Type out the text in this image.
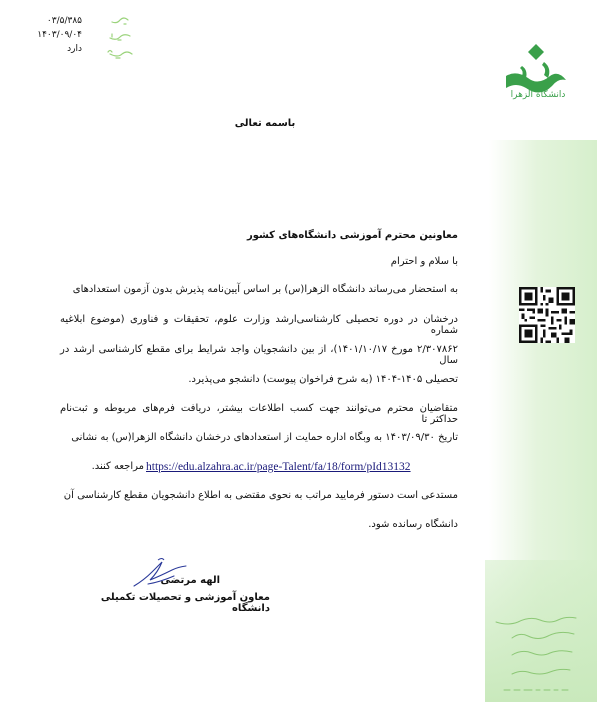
۰۳/۵/۳۸۵
۱۴۰۳/۰۹/۰۴
دارد
دانشگاه الزهرا
باسمه تعالی
معاونین محترم آموزشی دانشگاه‌های کشور
با سلام و احترام
به استحضار می‌رساند دانشگاه الزهرا(س) بر اساس آیین‌نامه پذیرش بدون آزمون استعدادهای
درخشان در دوره تحصیلی کارشناسی‌ارشد وزارت علوم، تحقیقات و فناوری (موضوع ابلاغیه شماره
۲/۳۰۷۸۶۲ مورخ ۱۴۰۱/۱۰/۱۷)، از بین دانشجویان واجد شرایط برای مقطع کارشناسی ارشد در سال
تحصیلی ۱۴۰۵-۱۴۰۴ (به شرح فراخوان پیوست) دانشجو می‌پذیرد.
متقاضیان محترم می‌توانند جهت کسب اطلاعات بیشتر، دریافت فرم‌های مربوطه و ثبت‌نام حداکثر تا
تاریخ ۱۴۰۳/۰۹/۳۰ به وبگاه اداره حمایت از استعدادهای درخشان دانشگاه الزهرا(س) به نشانی
مراجعه کنند. https://edu.alzahra.ac.ir/page-Talent/fa/18/form/pId13132
مستدعی است دستور فرمایید مراتب به نحوی مقتضی به اطلاع دانشجویان مقطع کارشناسی آن
دانشگاه رسانده شود.
الهه مرتضی
معاون آموزشی و تحصیلات تکمیلی دانشگاه
